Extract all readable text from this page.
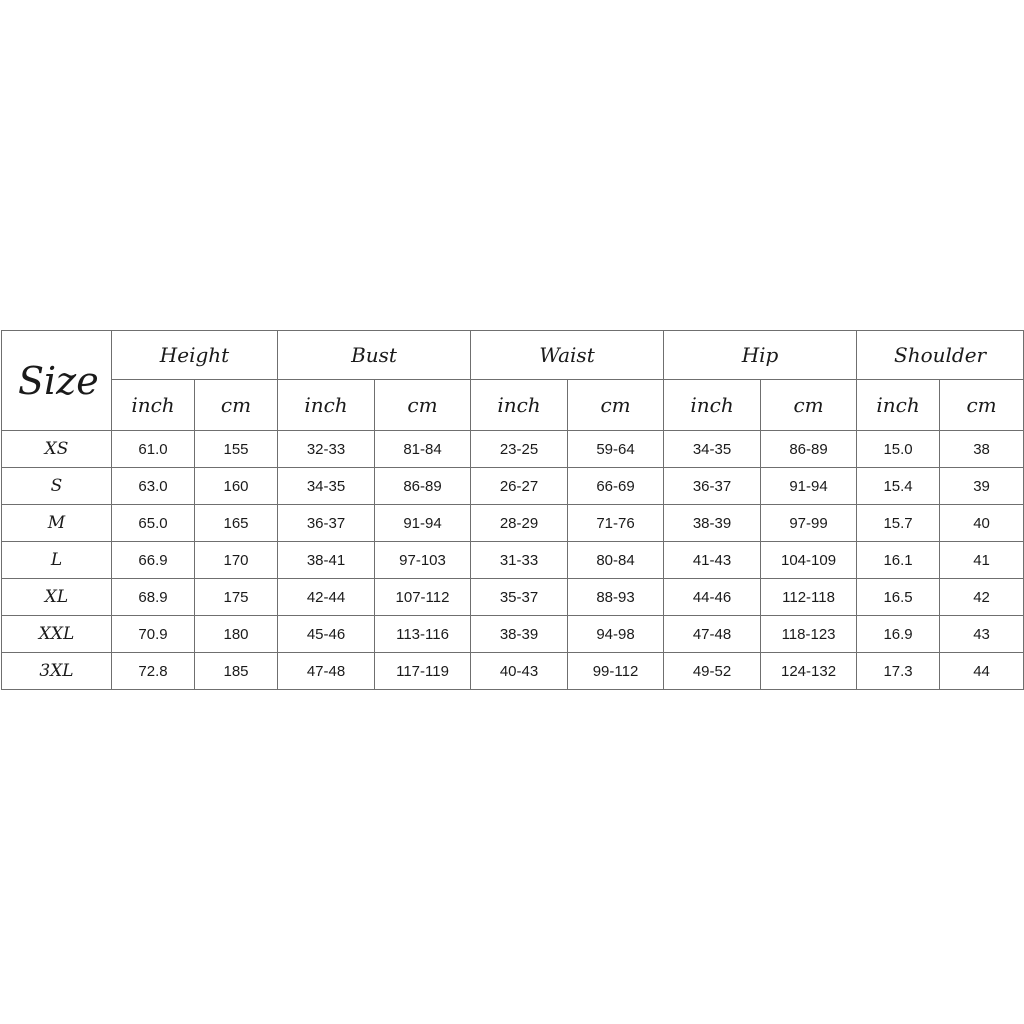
Size	Height		Bust		Waist		Hip		Shoulder	
	inch	cm	inch	cm	inch	cm	inch	cm	inch	cm
XS	61.0	155	32-33	81-84	23-25	59-64	34-35	86-89	15.0	38
S	63.0	160	34-35	86-89	26-27	66-69	36-37	91-94	15.4	39
M	65.0	165	36-37	91-94	28-29	71-76	38-39	97-99	15.7	40
L	66.9	170	38-41	97-103	31-33	80-84	41-43	104-109	16.1	41
XL	68.9	175	42-44	107-112	35-37	88-93	44-46	112-118	16.5	42
XXL	70.9	180	45-46	113-116	38-39	94-98	47-48	118-123	16.9	43
3XL	72.8	185	47-48	117-119	40-43	99-112	49-52	124-132	17.3	44
